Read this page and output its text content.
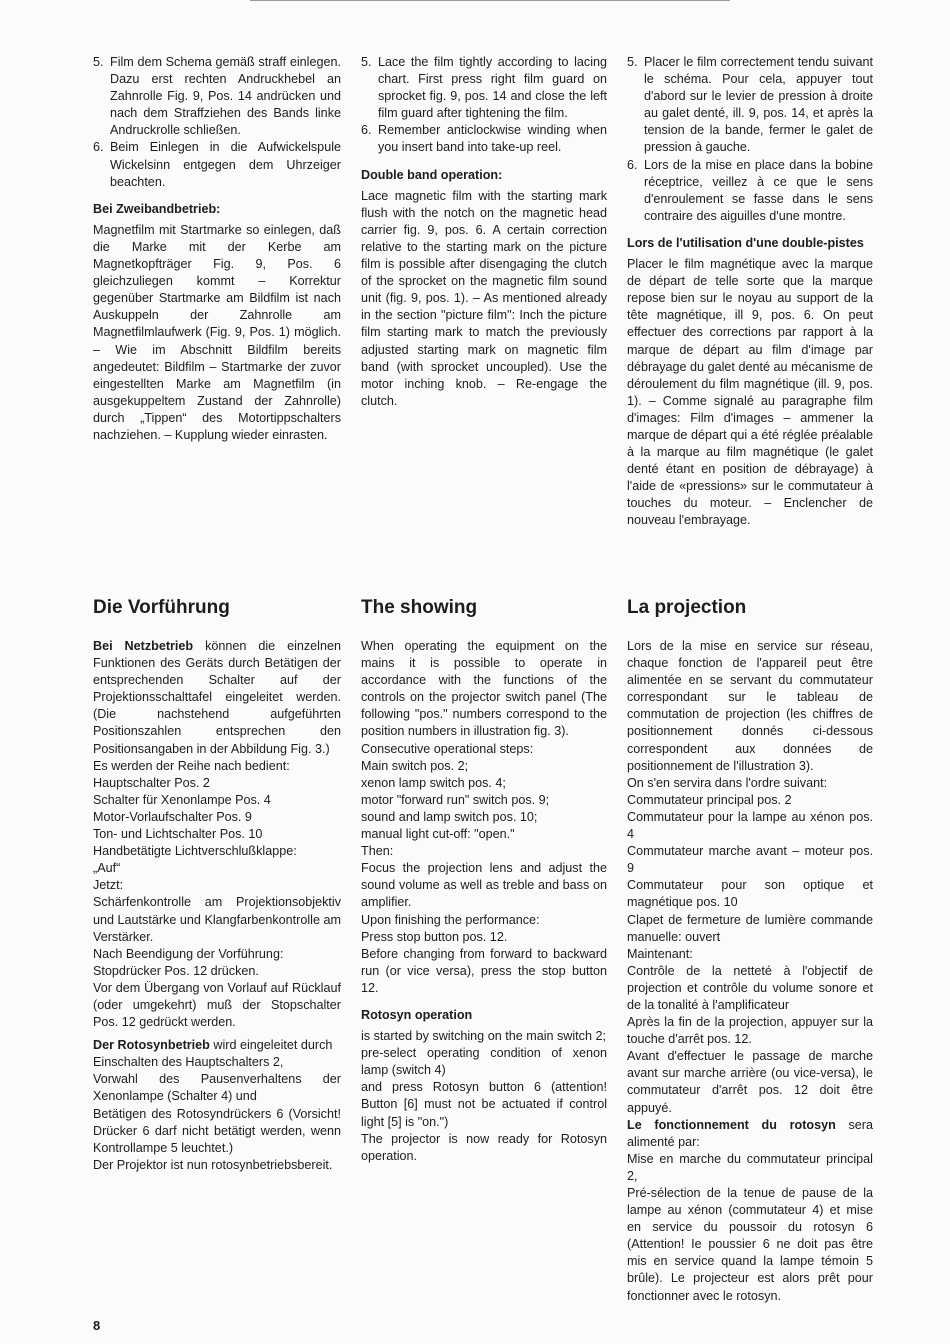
5. Film dem Schema gemäß straff einlegen. Dazu erst rechten Andruckhebel an Zahnrolle Fig. 9, Pos. 14 andrücken und nach dem Straffziehen des Bands linke Andruckrolle schließen.
6. Beim Einlegen in die Aufwickelspule Wickelsinn entgegen dem Uhrzeiger beachten.
Bei Zweibandbetrieb:

Magnetfilm mit Startmarke so einlegen, daß die Marke mit der Kerbe am Magnetkopfträger Fig. 9, Pos. 6 gleichzuliegen kommt – Korrektur gegenüber Startmarke am Bildfilm ist nach Auskuppeln der Zahnrolle am Magnetfilmlaufwerk (Fig. 9, Pos. 1) möglich. – Wie im Abschnitt Bildfilm bereits angedeutet: Bildfilm – Startmarke der zuvor eingestellten Marke am Magnetfilm (in ausgekuppeltem Zustand der Zahnrolle) durch „Tippen“ des Motortippschalters nachziehen. – Kupplung wieder einrasten.

5. Lace the film tightly according to lacing chart. First press right film guard on sprocket fig. 9, pos. 14 and close the left film guard after tightening the film.
6. Remember anticlockwise winding when you insert band into take-up reel.
Double band operation:

Lace magnetic film with the starting mark flush with the notch on the magnetic head carrier fig. 9, pos. 6. A certain correction relative to the starting mark on the picture film is possible after disengaging the clutch of the sprocket on the magnetic film sound unit (fig. 9, pos. 1). – As mentioned already in the section "picture film": Inch the picture film starting mark to match the previously adjusted starting mark on magnetic film band (with sprocket uncoupled). Use the motor inching knob. – Re-engage the clutch.

5. Placer le film correctement tendu suivant le schéma. Pour cela, appuyer tout d'abord sur le levier de pression à droite au galet denté, ill. 9, pos. 14, et après la tension de la bande, fermer le galet de pression à gauche.
6. Lors de la mise en place dans la bobine réceptrice, veillez à ce que le sens d'enroulement se fasse dans le sens contraire des aiguilles d'une montre.
Lors de l'utilisation d'une double-pistes

Placer le film magnétique avec la marque de départ de telle sorte que la marque repose bien sur le noyau au support de la tête magnétique, ill 9, pos. 6. On peut effectuer des corrections par rapport à la marque de départ au film d'image par débrayage du galet denté au mécanisme de déroulement du film magnétique (ill. 9, pos. 1). – Comme signalé au paragraphe film d'images: Film d'images – ammener la marque de départ qui a été réglée préalable à la marque au film magnétique (le galet denté étant en position de débrayage) à l'aide de «pressions» sur le commutateur à touches du moteur. – Enclencher de nouveau l'embrayage.

Die Vorführung

Bei Netzbetrieb können die einzelnen Funktionen des Geräts durch Betätigen der entsprechenden Schalter auf der Projektionsschalttafel eingeleitet werden. (Die nachstehend aufgeführten Positionszahlen entsprechen den Positionsangaben in der Abbildung Fig. 3.)

Es werden der Reihe nach bedient:

Hauptschalter Pos. 2

Schalter für Xenonlampe Pos. 4

Motor-Vorlaufschalter Pos. 9

Ton- und Lichtschalter Pos. 10

Handbetätigte Lichtverschlußklappe:

„Auf“

Jetzt:

Schärfenkontrolle am Projektionsobjektiv und Lautstärke und Klangfarbenkontrolle am Verstärker.

Nach Beendigung der Vorführung:

Stopdrücker Pos. 12 drücken.

Vor dem Übergang von Vorlauf auf Rücklauf (oder umgekehrt) muß der Stopschalter Pos. 12 gedrückt werden.

Der Rotosynbetrieb wird eingeleitet durch

Einschalten des Hauptschalters 2,

Vorwahl des Pausenverhaltens der Xenonlampe (Schalter 4) und

Betätigen des Rotosyndrückers 6 (Vorsicht! Drücker 6 darf nicht betätigt werden, wenn Kontrollampe 5 leuchtet.)

Der Projektor ist nun rotosynbetriebsbereit.

The showing

When operating the equipment on the mains it is possible to operate in accordance with the functions of the controls on the projector switch panel (The following "pos." numbers correspond to the position numbers in illustration fig. 3).

Consecutive operational steps:

Main switch pos. 2;

xenon lamp switch pos. 4;

motor "forward run" switch pos. 9;

sound and lamp switch pos. 10;

manual light cut-off: "open."

Then:

Focus the projection lens and adjust the sound volume as well as treble and bass on amplifier.

Upon finishing the performance:

Press stop button pos. 12.

Before changing from forward to backward run (or vice versa), press the stop button 12.

Rotosyn operation

is started by switching on the main switch 2;

pre-select operating condition of xenon lamp (switch 4)

and press Rotosyn button 6 (attention! Button [6] must not be actuated if control light [5] is "on.")

The projector is now ready for Rotosyn operation.

La projection

Lors de la mise en service sur réseau, chaque fonction de l'appareil peut être alimentée en se servant du commutateur correspondant sur le tableau de commutation de projection (les chiffres de positionnement donnés ci-dessous correspondent aux données de positionnement de l'illustration 3).

On s'en servira dans l'ordre suivant:

Commutateur principal pos. 2

Commutateur pour la lampe au xénon pos. 4

Commutateur marche avant – moteur pos. 9

Commutateur pour son optique et magnétique pos. 10

Clapet de fermeture de lumière commande manuelle: ouvert

Maintenant:

Contrôle de la netteté à l'objectif de projection et contrôle du volume sonore et de la tonalité à l'amplificateur

Après la fin de la projection, appuyer sur la touche d'arrêt pos. 12.

Avant d'effectuer le passage de marche avant sur marche arrière (ou vice-versa), le commutateur d'arrêt pos. 12 doit être appuyé.

Le fonctionnement du rotosyn sera alimenté par:

Mise en marche du commutateur principal 2,

Pré-sélection de la tenue de pause de la lampe au xénon (commutateur 4) et mise en service du poussoir du rotosyn 6 (Attention! Ie poussier 6 ne doit pas être mis en service quand la lampe témoin 5 brûle). Le projecteur est alors prêt pour fonctionner avec le rotosyn.

8
